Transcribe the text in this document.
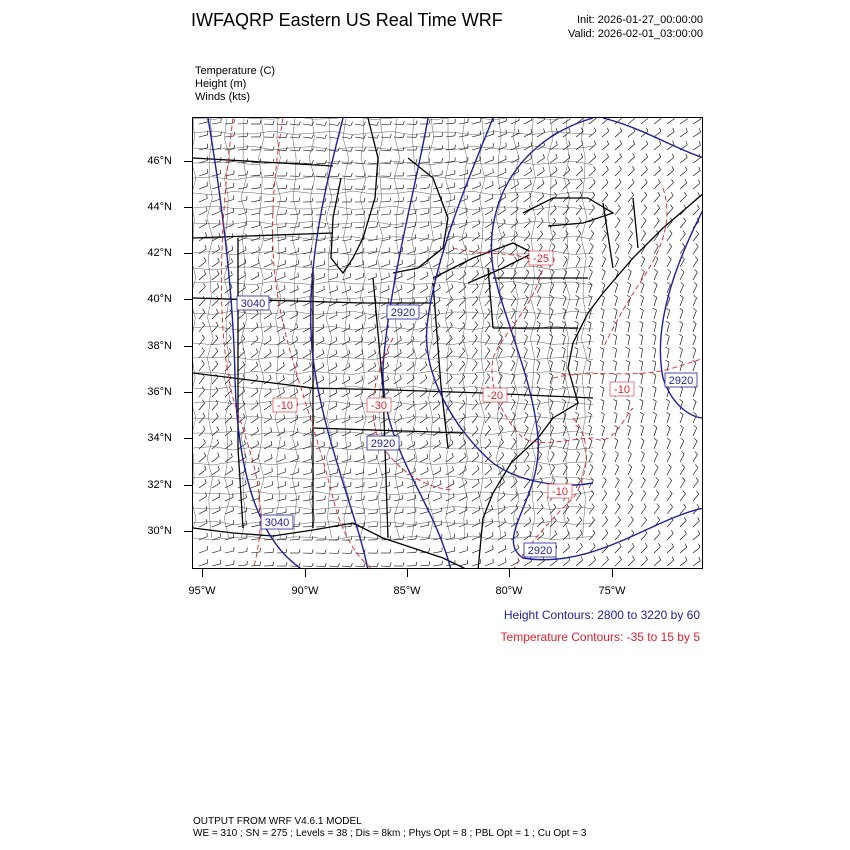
IWFAQRP Eastern US Real Time WRF	Init: 2026-01-27_00:00:00
Valid: 2026-02-01_03:00:00
Temperature (C)
Height (m)
Winds (kts)
46°N
44°N
42°N
40°N
38°N
36°N
34°N
32°N
30°N
95°W	90°W	85°W	80°W	75°W
3040
2920
2920
2920
3040
2920
-25
-30
-20	-10
-10
-10
Height Contours: 2800 to 3220 by 60
Temperature Contours: -35 to 15 by 5
OUTPUT FROM WRF V4.6.1 MODEL
WE = 310 ; SN = 275 ; Levels = 38 ; Dis = 8km ; Phys Opt = 8 ; PBL Opt = 1 ; Cu Opt = 3
